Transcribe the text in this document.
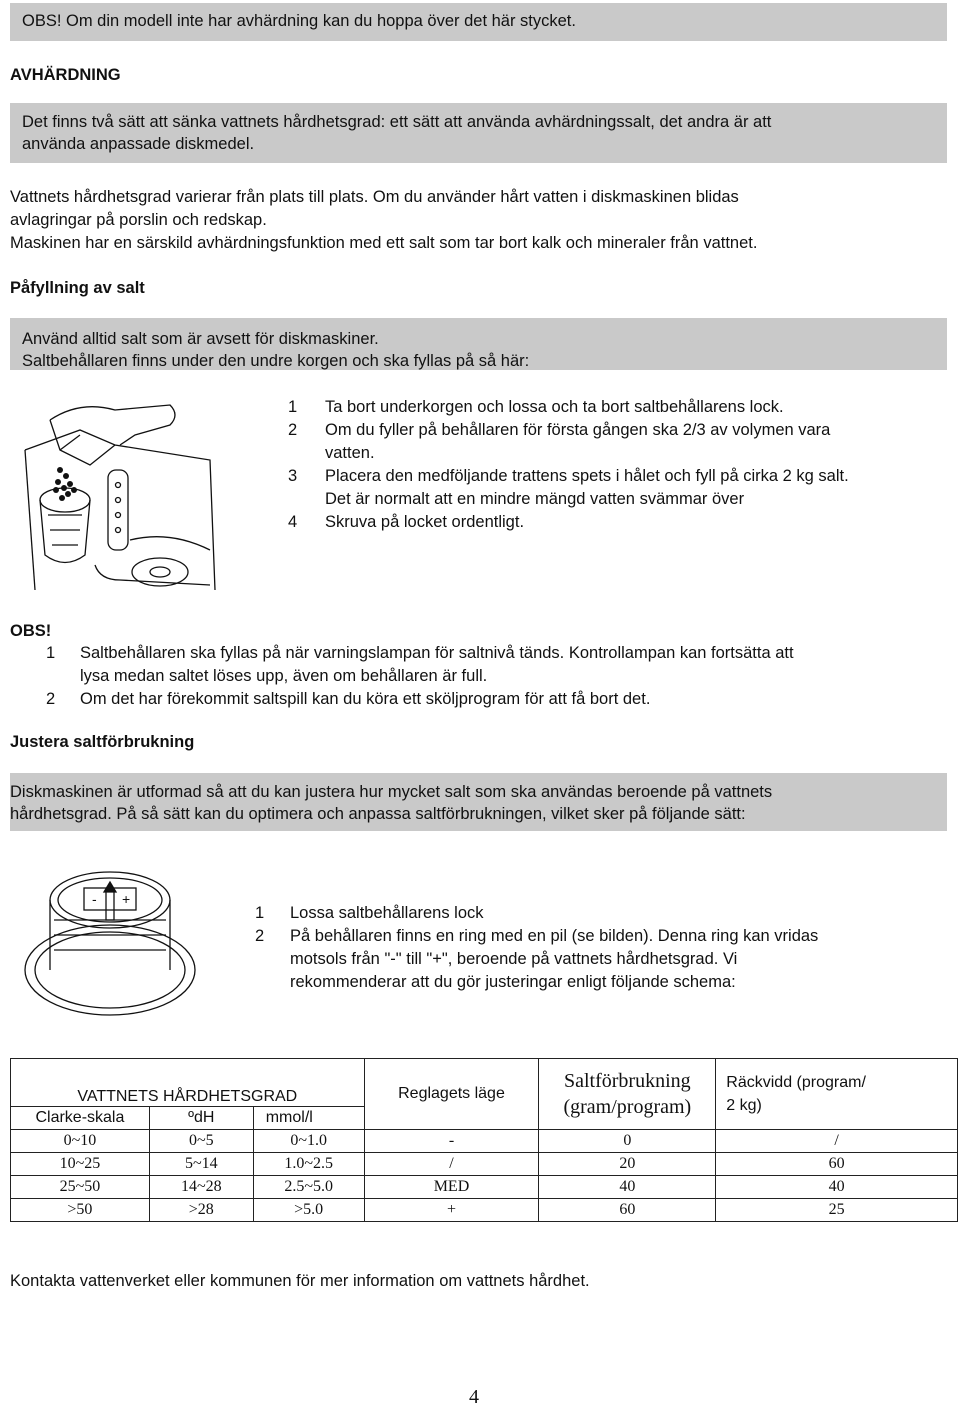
OBS! Om din modell inte har avhärdning kan du hoppa över det här stycket.
AVHÄRDNING
Det finns två sätt att sänka vattnets hårdhetsgrad: ett sätt att använda avhärdningssalt, det andra är att
använda anpassade diskmedel.
Vattnets hårdhetsgrad varierar från plats till plats. Om du använder hårt vatten i diskmaskinen blidas
avlagringar på porslin och redskap.
Maskinen har en särskild avhärdningsfunktion med ett salt som tar bort kalk och mineraler från vattnet.
Påfyllning av salt
Använd alltid salt som är avsett för diskmaskiner.
Saltbehållaren finns under den undre korgen och ska fyllas på så här:
1 Ta bort underkorgen och lossa och ta bort saltbehållarens lock.
2 Om du fyller på behållaren för första gången ska 2/3 av volymen vara
vatten.
3 Placera den medföljande trattens spets i hålet och fyll på cirka 2 kg salt.
Det är normalt att en mindre mängd vatten svämmar över
4 Skruva på locket ordentligt.
OBS!
1 Saltbehållaren ska fyllas på när varningslampan för saltnivå tänds. Kontrollampan kan fortsätta att
lysa medan saltet löses upp, även om behållaren är full.
2 Om det har förekommit saltspill kan du köra ett sköljprogram för att få bort det.
Justera saltförbrukning
Diskmaskinen är utformad så att du kan justera hur mycket salt som ska användas beroende på vattnets
hårdhetsgrad. På så sätt kan du optimera och anpassa saltförbrukningen, vilket sker på följande sätt:
- +
1 Lossa saltbehållarens lock
2 På behållaren finns en ring med en pil (se bilden). Denna ring kan vridas
motsols från "-" till "+", beroende på vattnets hårdhetsgrad. Vi
rekommenderar att du gör justeringar enligt följande schema:
VATTNETS HÅRDHETSGRAD			Reglagets läge	Saltförbrukning
(gram/program)	Räckvidd (program/
2 kg)
Clarke-skala	ºdH	mmol/l			
0~10	0~5	0~1.0	-	0	/
10~25	5~14	1.0~2.5	/	20	60
25~50	14~28	2.5~5.0	MED	40	40
>50	>28	>5.0	+	60	25
Kontakta vattenverket eller kommunen för mer information om vattnets hårdhet.
4
